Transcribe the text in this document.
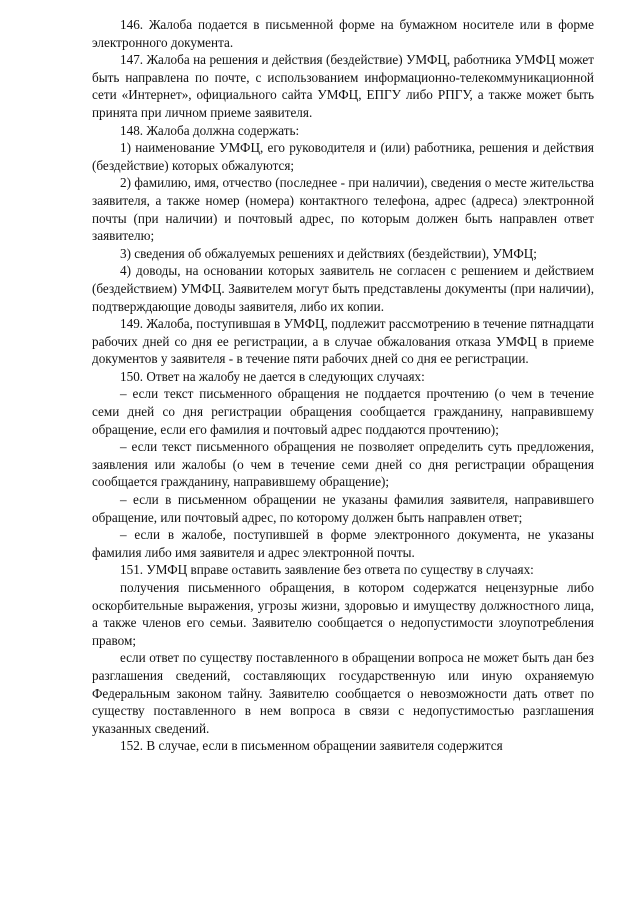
146. Жалоба подается в письменной форме на бумажном носителе или в форме электронного документа.

147. Жалоба на решения и действия (бездействие) УМФЦ, работника УМФЦ может быть направлена по почте, с использованием информационно-телекоммуникационной сети «Интернет», официального сайта УМФЦ, ЕПГУ либо РПГУ, а также может быть принята при личном приеме заявителя.

148. Жалоба должна содержать:

1) наименование УМФЦ, его руководителя и (или) работника, решения и действия (бездействие) которых обжалуются;

2) фамилию, имя, отчество (последнее - при наличии), сведения о месте жительства заявителя, а также номер (номера) контактного телефона, адрес (адреса) электронной почты (при наличии) и почтовый адрес, по которым должен быть направлен ответ заявителю;

3) сведения об обжалуемых решениях и действиях (бездействии), УМФЦ;

4) доводы, на основании которых заявитель не согласен с решением и действием (бездействием) УМФЦ. Заявителем могут быть представлены документы (при наличии), подтверждающие доводы заявителя, либо их копии.

149. Жалоба, поступившая в УМФЦ, подлежит рассмотрению в течение пятнадцати рабочих дней со дня ее регистрации, а в случае обжалования отказа УМФЦ в приеме документов у заявителя - в течение пяти рабочих дней со дня ее регистрации.

150. Ответ на жалобу не дается в следующих случаях:

– если текст письменного обращения не поддается прочтению (о чем в течение семи дней со дня регистрации обращения сообщается гражданину, направившему обращение, если его фамилия и почтовый адрес поддаются прочтению);

– если текст письменного обращения не позволяет определить суть предложения, заявления или жалобы (о чем в течение семи дней со дня регистрации обращения сообщается гражданину, направившему обращение);

– если в письменном обращении не указаны фамилия заявителя, направившего обращение, или почтовый адрес, по которому должен быть направлен ответ;

– если в жалобе, поступившей в форме электронного документа, не указаны фамилия либо имя заявителя и адрес электронной почты.

151. УМФЦ вправе оставить заявление без ответа по существу в случаях:

получения письменного обращения, в котором содержатся нецензурные либо оскорбительные выражения, угрозы жизни, здоровью и имуществу должностного лица, а также членов его семьи. Заявителю сообщается о недопустимости злоупотребления правом;

если ответ по существу поставленного в обращении вопроса не может быть дан без разглашения сведений, составляющих государственную или иную охраняемую Федеральным законом тайну. Заявителю сообщается о невозможности дать ответ по существу поставленного в нем вопроса в связи с недопустимостью разглашения указанных сведений.

152. В случае, если в письменном обращении заявителя содержится
